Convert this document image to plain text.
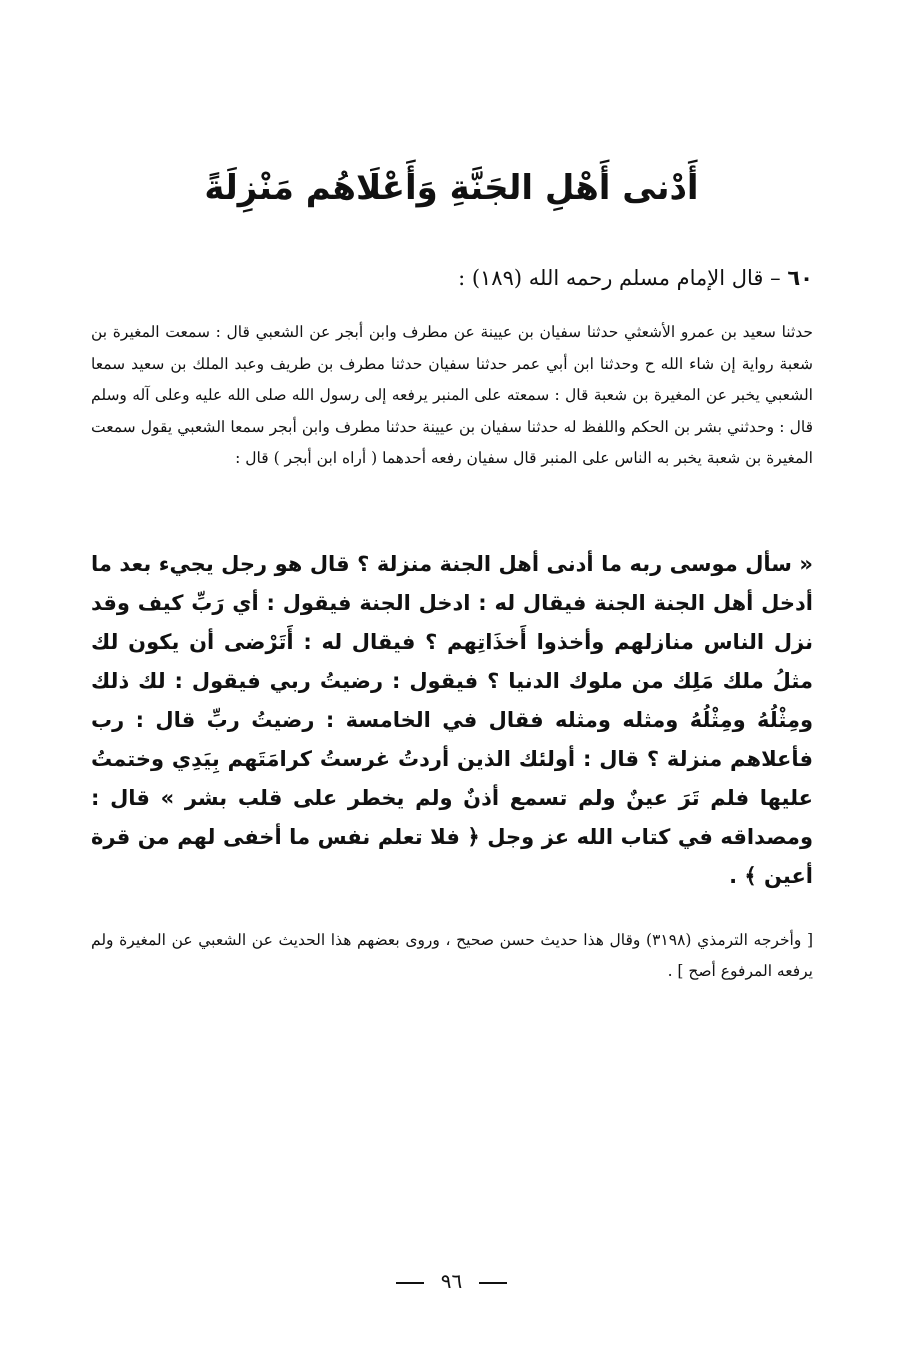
أَدْنى أَهْلِ الجَنَّةِ وَأَعْلَاهُم مَنْزِلَةً
٦٠ – قال الإمام مسلم رحمه الله (١٨٩) :
حدثنا سعيد بن عمرو الأشعثي حدثنا سفيان بن عيينة عن مطرف وابن أبجر عن الشعبي قال : سمعت المغيرة بن شعبة رواية إن شاء الله ح وحدثنا ابن أبي عمر حدثنا سفيان حدثنا مطرف بن طريف وعبد الملك بن سعيد سمعا الشعبي يخبر عن المغيرة بن شعبة قال : سمعته على المنبر يرفعه إلى رسول الله صلى الله عليه وعلى آله وسلم قال : وحدثني بشر بن الحكم واللفظ له حدثنا سفيان بن عيينة حدثنا مطرف وابن أبجر سمعا الشعبي يقول سمعت المغيرة بن شعبة يخبر به الناس على المنبر قال سفيان رفعه أحدهما ( أراه ابن أبجر ) قال :
« سأل موسى ربه ما أدنى أهل الجنة منزلة ؟ قال هو رجل يجيء بعد ما أدخل أهل الجنة الجنة فيقال له : ادخل الجنة فيقول : أي رَبِّ كيف وقد نزل الناس منازلهم وأخذوا أَخذَاتِهم ؟ فيقال له : أَتَرْضى أن يكون لك مثلُ ملك مَلِك من ملوك الدنيا ؟ فيقول : رضيتُ ربي فيقول : لك ذلك ومِثْلُهُ ومِثْلُهُ ومثله ومثله فقال في الخامسة : رضيتُ ربِّ قال : رب فأعلاهم منزلة ؟ قال : أولئك الذين أردتُ غرستُ كرامَتَهم بِيَدِي وختمتُ عليها فلم تَرَ عينٌ ولم تسمع أذنٌ ولم يخطر على قلب بشر » قال : ومصداقه في كتاب الله عز وجل ﴿ فلا تعلم نفس ما أخفى لهم من قرة أعين ﴾ .
[ وأخرجه الترمذي (٣١٩٨) وقال هذا حديث حسن صحيح ، وروى بعضهم هذا الحديث عن الشعبي عن المغيرة ولم يرفعه المرفوع أصح ] .
٩٦
